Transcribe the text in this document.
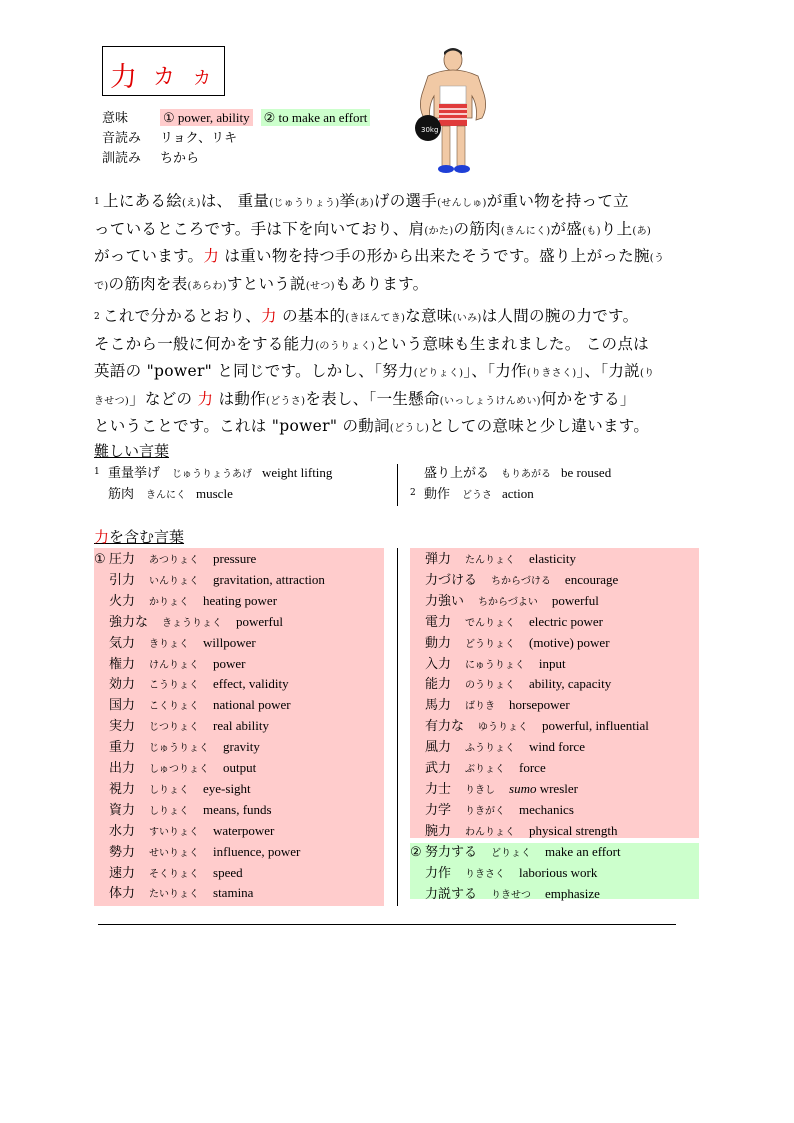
力 カ カ
意味	① power, ability ② to make an effort
音読み リョク、リキ
訓読み ちから
30kg
$^1$ 上にある絵(え)は、 重量(じゅうりょう)挙(あ)げの選手(せんしゅ)が重い物を持って立
っているところです。手は下を向いており、肩(かた)の筋肉(きんにく)が盛(も)り上(あ)
がっています。力 は重い物を持つ手の形から出来たそうです。盛り上がった腕(う
で)の筋肉を表(あらわ)すという説(せつ)もあります。
$^2$ これで分かるとおり、力 の基本的(きほんてき)な意味(いみ)は人間の腕の力です。
そこから一般に何かをする能力(のうりょく)という意味も生まれました。 この点は
英語の "power" と同じです。しかし、「努力(どりょく)」、「力作(りきさく)」、「力説(り
きせつ)」などの 力 は動作(どうさ)を表し、「一生懸命(いっしょうけんめい)何かをする」
ということです。これは "power" の動詞(どうし)としての意味と少し違います。
難しい言葉
1 重量挙げ じゅうりょうあげ weight lifting
筋肉 きんにく muscle
盛り上がる もりあがる be roused
2 動作 どうさ action
力を含む言葉
① 圧力 あつりょく pressure
引力 いんりょく gravitation, attraction
火力 かりょく heating power
強力な きょうりょく powerful
気力 きりょく willpower
権力 けんりょく power
効力 こうりょく effect, validity
国力 こくりょく national power
実力 じつりょく real ability
重力 じゅうりょく gravity
出力 しゅつりょく output
視力 しりょく eye-sight
資力 しりょく means, funds
水力 すいりょく waterpower
勢力 せいりょく influence, power
速力 そくりょく speed
体力 たいりょく stamina
弾力 たんりょく elasticity
力づける ちからづける encourage
力強い ちからづよい powerful
電力 でんりょく electric power
動力 どうりょく (motive) power
入力 にゅうりょく input
能力 のうりょく ability, capacity
馬力 ばりき horsepower
有力な ゆうりょく powerful, influential
風力 ふうりょく wind force
武力 ぶりょく force
力士 りきし sumo wresler
力学 りきがく mechanics
腕力 わんりょく physical strength
② 努力する どりょく make an effort
力作 りきさく laborious work
力説する りきせつ emphasize
